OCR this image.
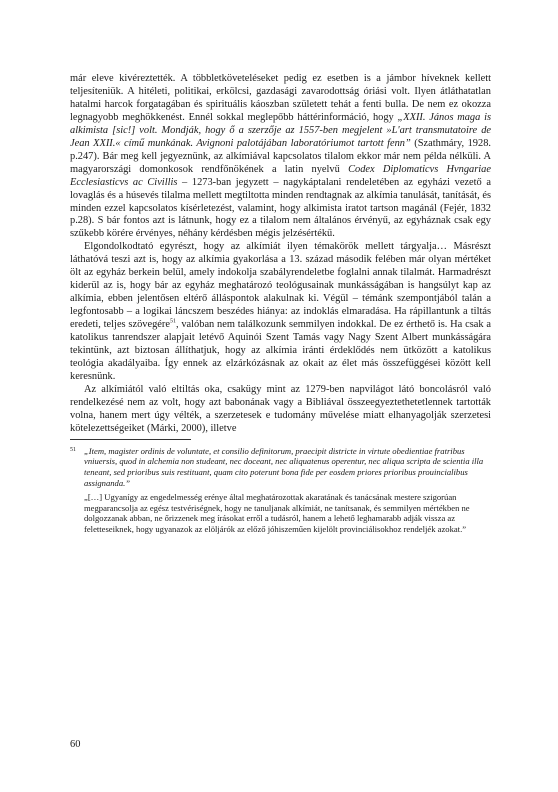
már eleve kivéreztették. A többletköveteléseket pedig ez esetben is a jámbor híveknek kellett teljesíteniük. A hitéleti, politikai, erkölcsi, gazdasági zavarodottság óriási volt. Ilyen átláthatatlan hatalmi harcok forgatagában és spirituális káoszban született tehát a fenti bulla. De nem ez okozza legnagyobb meghökkenést. Ennél sokkal meglepőbb háttérinformáció, hogy „XXII. János maga is alkimista [sic!] volt. Mondják, hogy ő a szerzője az 1557-ben megjelent »L'art transmutatoire de Jean XXII.« című munkának. Avignoni palotájában laboratóriumot tartott fenn” (Szathmáry, 1928. p.247). Bár meg kell jegyeznünk, az alkímiával kapcsolatos tilalom ekkor már nem példa nélküli. A magyarországi domonkosok rendfőnökének a latin nyelvű Codex Diplomaticvs Hvngariae Ecclesiasticvs ac Civillis – 1273-ban jegyzett – nagykáptalani rendeletében az egyházi vezető a lovaglás és a húsevés tilalma mellett megtiltotta minden rendtagnak az alkímia tanulását, tanítását, és minden ezzel kapcsolatos kísérletezést, valamint, hogy alkimista iratot tartson magánál (Fejér, 1832 p.28). S bár fontos azt is látnunk, hogy ez a tilalom nem általános érvényű, az egyháznak csak egy szűkebb körére érvényes, néhány kérdésben mégis jelzésértékű.

Elgondolkodtató egyrészt, hogy az alkímiát ilyen témakörök mellett tárgyalja… Másrészt láthatóvá teszi azt is, hogy az alkímia gyakorlása a 13. század második felében már olyan mértéket ölt az egyház berkein belül, amely indokolja szabályrendeletbe foglalni annak tilalmát. Harmadrészt kiderül az is, hogy bár az egyház meghatározó teológusainak munkásságában is hangsúlyt kap az alkímia, ebben jelentősen eltérő álláspontok alakulnak ki. Végül – témánk szempontjából talán a legfontosabb – a logikai láncszem beszédes hiánya: az indoklás elmaradása. Ha rápillantunk a tiltás eredeti, teljes szövegére$^{51}$, valóban nem találkozunk semmilyen indokkal. De ez érthető is. Ha csak a katolikus tanrendszer alapjait letévő Aquinói Szent Tamás vagy Nagy Szent Albert munkásságára tekintünk, azt biztosan állíthatjuk, hogy az alkímia iránti érdeklődés nem ütközött a katolikus teológia akadályaiba. Így ennek az elzárkózásnak az okait az élet más összefüggései között kell keresnünk.

Az alkímiától való eltiltás oka, csakügy mint az 1279-ben napvilágot látó boncolásról való rendelkezésé nem az volt, hogy azt babonának vagy a Bibliával összeegyeztethetetlennek tartották volna, hanem mert úgy vélték, a szerzetesek e tudomány művelése miatt elhanyagolják szerzetesi kötelezettségeiket (Márki, 2000), illetve

51 „Item, magister ordinis de voluntate, et consilio definitorum, praecipit districte in virtute obedientiae fratribus vniuersis, quod in alchemia non studeant, nec doceant, nec aliquatenus operentur, nec aliqua scripta de scientia illa teneant, sed prioribus suis restituant, quam cito poterunt bona fide per eosdem priores prioribus prouincialibus assignanda.”

„[…] Ugyanígy az engedelmesség erénye által meghatározottak akaratának és tanácsának mestere szigorúan megparancsolja az egész testvériségnek, hogy ne tanuljanak alkímiát, ne tanítsanak, és semmilyen mértékben ne dolgozzanak abban, ne őrizzenek meg írásokat erről a tudásról, hanem a lehető leghamarabb adják vissza az feletteseiknek, hogy ugyanazok az elöljárók az előző jóhiszeműen kijelölt provinciálisokhoz rendeljék azokat.”

60
